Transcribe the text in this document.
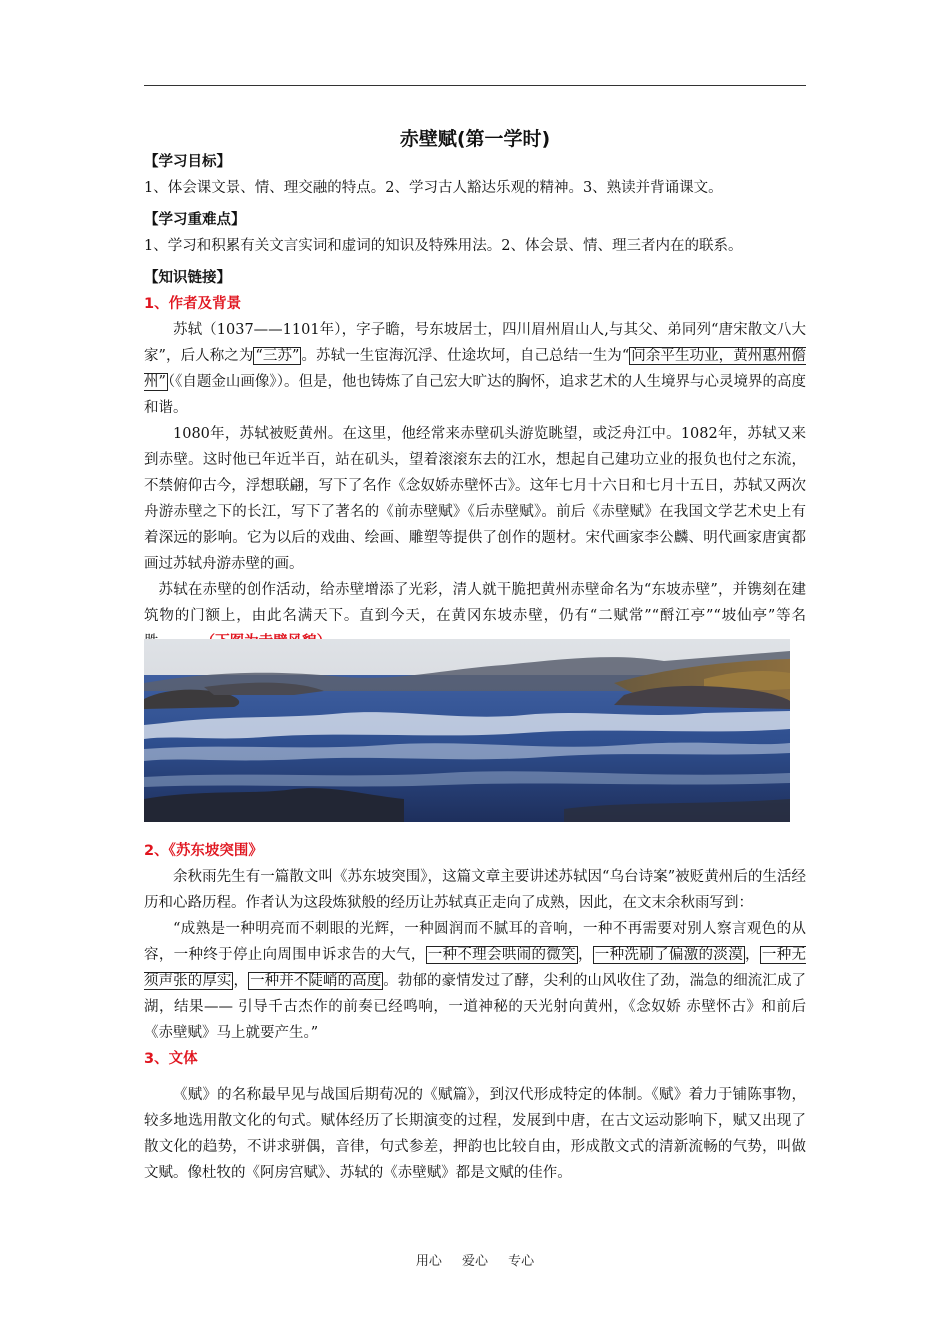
赤壁赋(第一学时)
【学习目标】
1、体会课文景、情、理交融的特点。2、学习古人豁达乐观的精神。3、熟读并背诵课文。
【学习重难点】
1、学习和积累有关文言实词和虚词的知识及特殊用法。2、体会景、情、理三者内在的联系。
【知识链接】
1、作者及背景

苏轼（1037——1101年），字子瞻，号东坡居士，四川眉州眉山人,与其父、弟同列“唐宋散文八大家”，后人称之为 “三苏” 。苏轼一生宦海沉浮、仕途坎坷，自己总结一生为“ 问余平生功业，黄州惠州儋州” （《自题金山画像》）。但是，他也铸炼了自己宏大旷达的胸怀，追求艺术的人生境界与心灵境界的高度和谐。

1080年，苏轼被贬黄州。在这里，他经常来赤壁矶头游览眺望，或泛舟江中。1082年，苏轼又来到赤壁。这时他已年近半百，站在矶头，望着滚滚东去的江水，想起自己建功立业的报负也付之东流，不禁俯仰古今，浮想联翩，写下了名作《念奴娇赤壁怀古》。这年七月十六日和七月十五日，苏轼又两次舟游赤壁之下的长江，写下了著名的《前赤壁赋》《后赤壁赋》。前后《赤壁赋》在我国文学艺术史上有着深远的影响。它为以后的戏曲、绘画、雕塑等提供了创作的题材。宋代画家李公麟、明代画家唐寅都画过苏轼舟游赤壁的画。

苏轼在赤壁的创作活动，给赤壁增添了光彩，清人就干脆把黄州赤壁命名为“东坡赤壁”，并镌刻在建筑物的门额上，由此名满天下。直到今天，在黄冈东坡赤壁，仍有“二赋常”“酹江亭”“坡仙亭”等名

2、《苏东坡突围》

余秋雨先生有一篇散文叫《苏东坡突围》，这篇文章主要讲述苏轼因“乌台诗案”被贬黄州后的生活经历和心路历程。作者认为这段炼狱般的经历让苏轼真正走向了成熟，因此，在文末余秋雨写到：

“成熟是一种明亮而不刺眼的光辉，一种圆润而不腻耳的音响，一种不再需要对别人察言观色的从容，一种终于停止向周围申诉求告的大气， 一种不理会哄闹的微笑 ， 一种洗刷了偏激的淡漠 ， 一种无须声张的厚实 ， 一种并不陡峭的高度 。勃郁的豪情发过了酵，尖利的山风收住了劲，湍急的细流汇成了湖，结果—— 引导千古杰作的前奏已经鸣响，一道神秘的天光射向黄州，《念奴娇 赤壁怀古》和前后《赤壁赋》马上就要产生。”

3、文体

《赋》的名称最早见与战国后期荀况的《赋篇》，到汉代形成特定的体制。《赋》着力于铺陈事物，较多地选用散文化的句式。赋体经历了长期演变的过程，发展到中唐，在古文运动影响下，赋又出现了散文化的趋势，不讲求骈偶，音律，句式参差，押韵也比较自由，形成散文式的清新流畅的气势，叫做文赋。像杜牧的《阿房宫赋》、苏轼的《赤壁赋》都是文赋的佳作。

用心 爱心 专心
